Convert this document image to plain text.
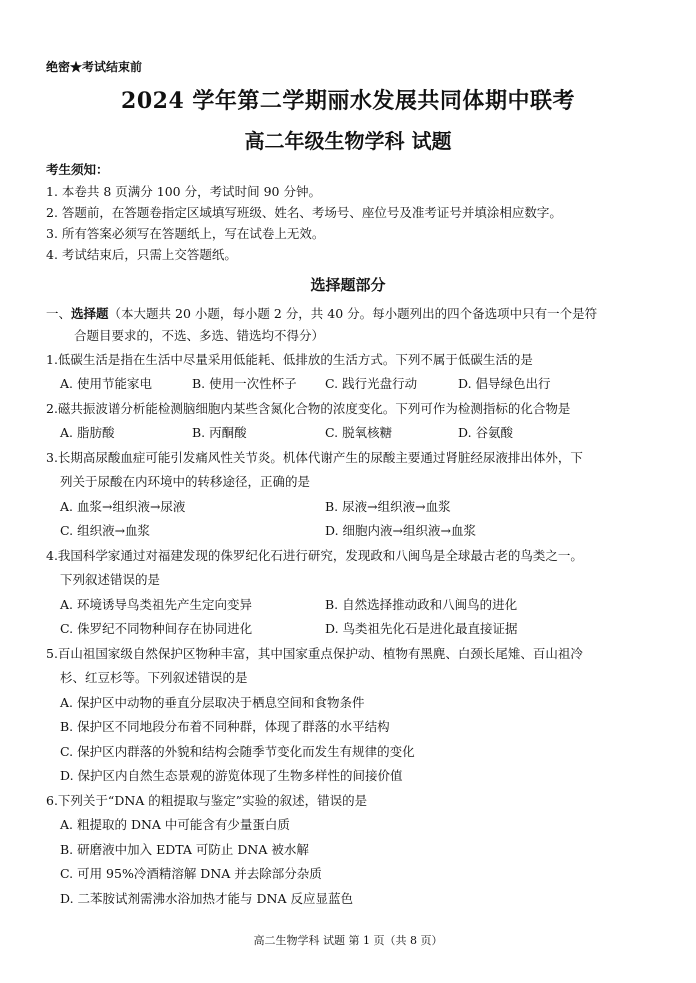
绝密★考试结束前
2024 学年第二学期丽水发展共同体期中联考
高二年级生物学科 试题
考生须知：
1. 本卷共 8 页满分 100 分，考试时间 90 分钟。
2. 答题前，在答题卷指定区域填写班级、姓名、考场号、座位号及准考证号并填涂相应数字。
3. 所有答案必须写在答题纸上，写在试卷上无效。
4. 考试结束后，只需上交答题纸。
选择题部分
一、选择题（本大题共 20 小题，每小题 2 分，共 40 分。每小题列出的四个备选项中只有一个是符
合题目要求的，不选、多选、错选均不得分）
1.低碳生活是指在生活中尽量采用低能耗、低排放的生活方式。下列不属于低碳生活的是
A. 使用节能家电	B. 使用一次性杯子 C. 践行光盘行动	D. 倡导绿色出行
2.磁共振波谱分析能检测脑细胞内某些含氮化合物的浓度变化。下列可作为检测指标的化合物是
A. 脂肪酸	B. 丙酮酸	C. 脱氧核糖	D. 谷氨酸
3.长期高尿酸血症可能引发痛风性关节炎。机体代谢产生的尿酸主要通过肾脏经尿液排出体外，下
列关于尿酸在内环境中的转移途径，正确的是
A. 血浆→组织液→尿液	B. 尿液→组织液→血浆
C. 组织液→血浆	D. 细胞内液→组织液→血浆
4.我国科学家通过对福建发现的侏罗纪化石进行研究，发现政和八闽鸟是全球最古老的鸟类之一。
下列叙述错误的是
A. 环境诱导鸟类祖先产生定向变异	B. 自然选择推动政和八闽鸟的进化
C. 侏罗纪不同物种间存在协同进化	D. 鸟类祖先化石是进化最直接证据
5.百山祖国家级自然保护区物种丰富，其中国家重点保护动、植物有黑麂、白颈长尾雉、百山祖冷
杉、红豆杉等。下列叙述错误的是
A. 保护区中动物的垂直分层取决于栖息空间和食物条件
B. 保护区不同地段分布着不同种群，体现了群落的水平结构
C. 保护区内群落的外貌和结构会随季节变化而发生有规律的变化
D. 保护区内自然生态景观的游览体现了生物多样性的间接价值
6.下列关于“DNA 的粗提取与鉴定”实验的叙述，错误的是
A. 粗提取的 DNA 中可能含有少量蛋白质
B. 研磨液中加入 EDTA 可防止 DNA 被水解
C. 可用 95%冷酒精溶解 DNA 并去除部分杂质
D. 二苯胺试剂需沸水浴加热才能与 DNA 反应显蓝色
高二生物学科 试题 第 1 页（共 8 页）
